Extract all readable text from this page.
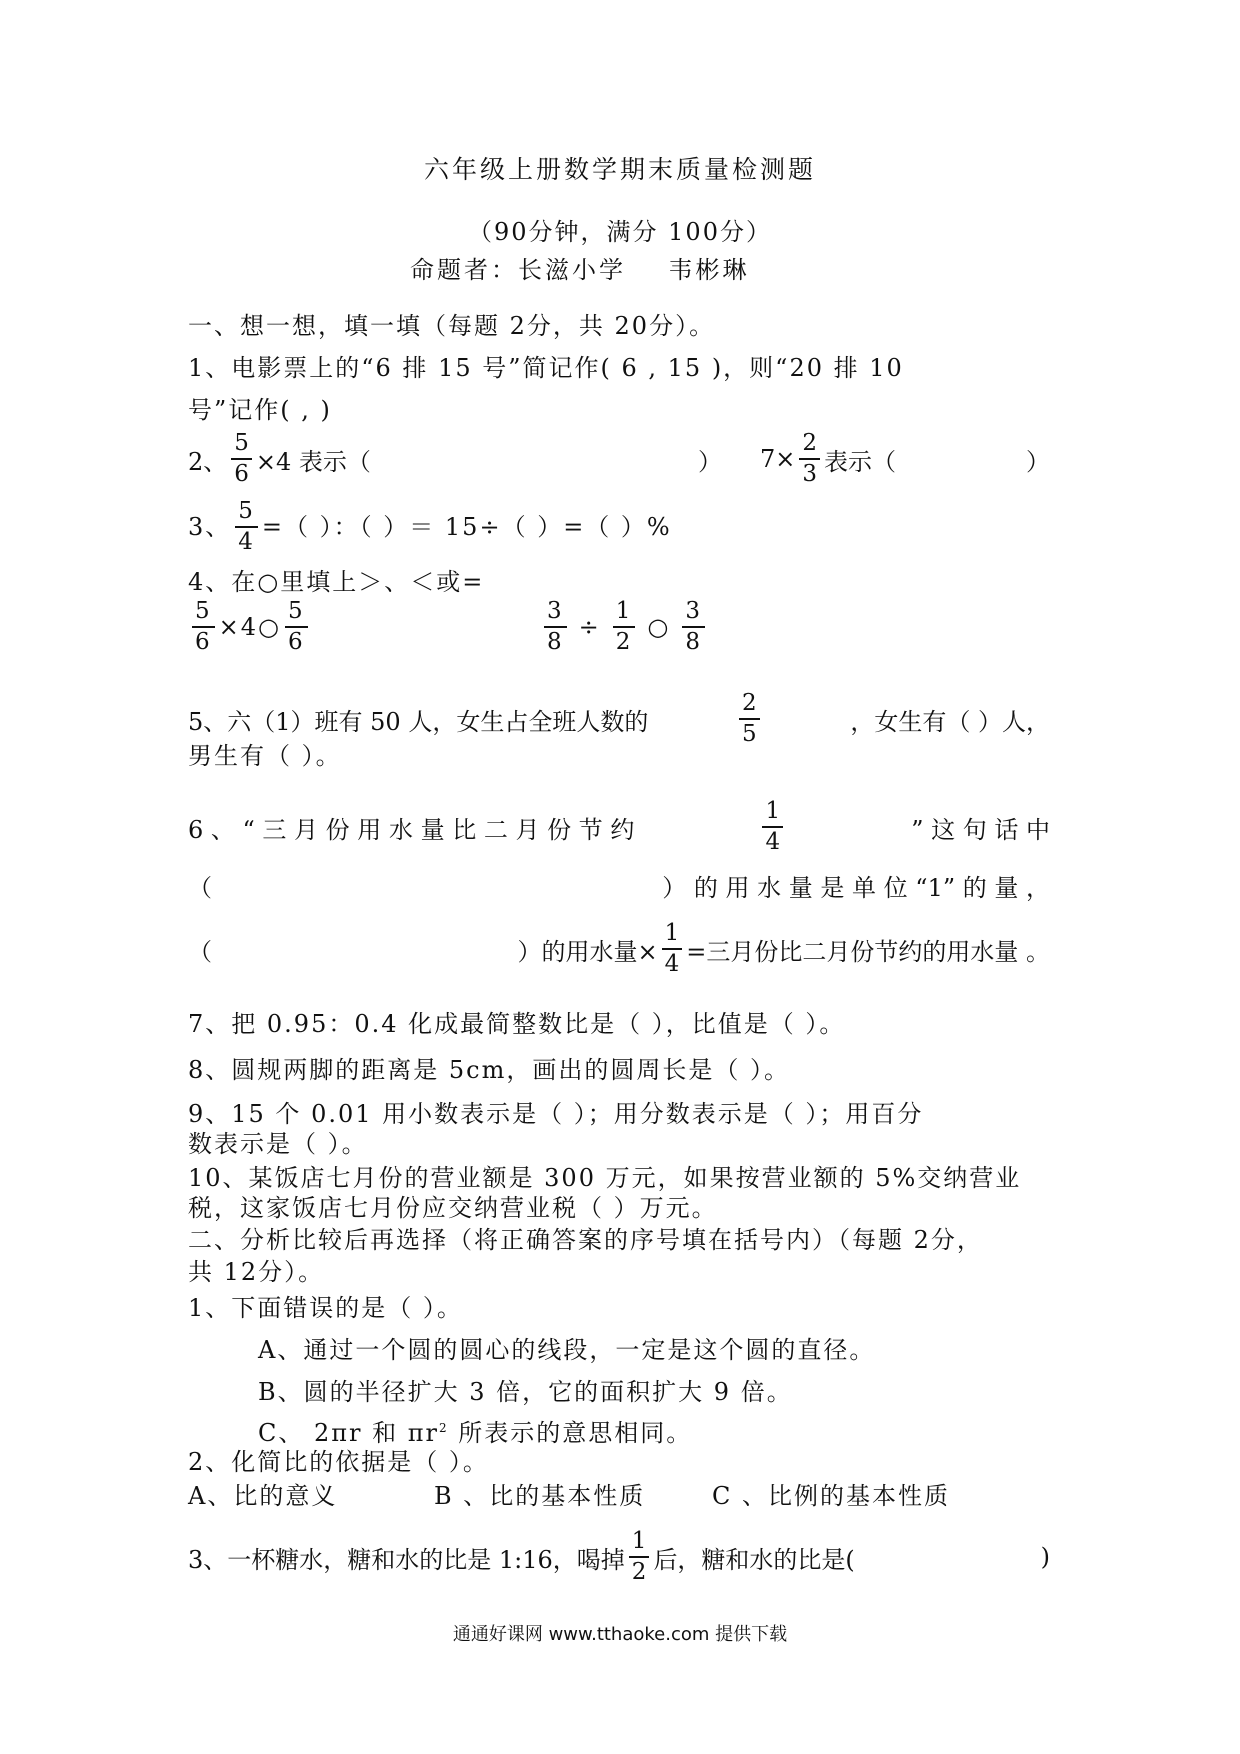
六年级上册数学期末质量检测题
（90分钟，满分 100分）
命题者：长滋小学    韦彬琳
一、想一想，填一填（每题 2分，共 20分）。
1、电影票上的“6 排 15 号”简记作( 6 , 15 )，则“20 排 10
号”记作( , )
2、 $\frac{5}{6} \times 4$ 表示（	） $7\times \frac{2}{3}$ 表示（	）
3、 $\frac{5}{4}$ =（ ）：（ ）＝ 15÷（ ）=（ ）%
4、在○里填上＞、＜或=
$\frac{5}{6}$ ×4○ $\frac{5}{6}$	$\frac{3}{8} \div \frac{1}{2}$ ○ $\frac{3}{8}$
5、六（1）班有 50 人，女生占全班人数的	$\frac{2}{5}$	，女生有（ ）人，
男生有（ ）。
6 、 “ 三 月 份 用 水 量 比 二 月 份 节 约	$\frac{1}{4}$	” 这 句 话 中
（	） 的 用 水 量 是 单 位 “1” 的 量 ，
（	）的用水量× $\frac{1}{4}$ =三月份比二月份节约的用水量 。
7、把 0.95：0.4 化成最简整数比是（ ），比值是（ ）。
8、圆规两脚的距离是 5cm，画出的圆周长是（ ）。
9、15 个 0.01 用小数表示是（ ）；用分数表示是（ ）；用百分
数表示是（ ）。
10、某饭店七月份的营业额是 300 万元，如果按营业额的 5%交纳营业
税，这家饭店七月份应交纳营业税（ ）万元。
二、分析比较后再选择（将正确答案的序号填在括号内）（每题 2分，
共 12分）。
1、下面错误的是（ ）。
A、通过一个圆的圆心的线段，一定是这个圆的直径。
B、圆的半径扩大 3 倍，它的面积扩大 9 倍。
C、 2πr 和 $\pi r^2$ 所表示的意思相同。
2、化简比的依据是（ ）。
A、比的意义	B 、比的基本性质	C 、比例的基本性质
3、一杯糖水，糖和水的比是 1:16，喝掉 $\frac{1}{2}$ 后，糖和水的比是(	)
通通好课网 www.tthaoke.com 提供下载
